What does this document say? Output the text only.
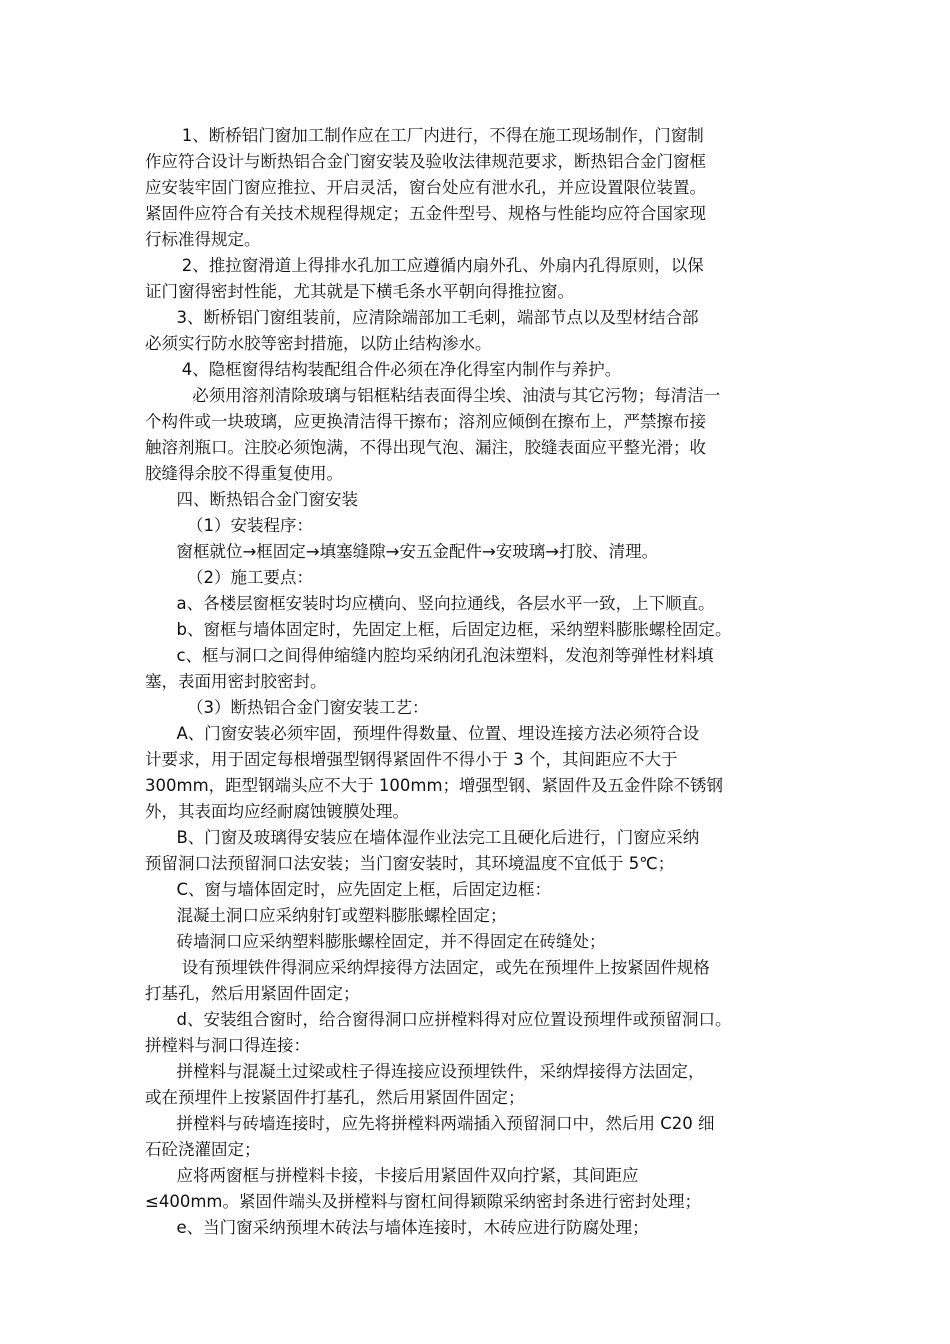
1、断桥铝门窗加工制作应在工厂内进行，不得在施工现场制作，门窗制
作应符合设计与断热铝合金门窗安装及验收法律规范要求，断热铝合金门窗框
应安装牢固门窗应推拉、开启灵活，窗台处应有泄水孔，并应设置限位装置。
紧固件应符合有关技术规程得规定；五金件型号、规格与性能均应符合国家现
行标准得规定。
2、推拉窗滑道上得排水孔加工应遵循内扇外孔、外扇内孔得原则，以保
证门窗得密封性能，尤其就是下横毛条水平朝向得推拉窗。
3、断桥铝门窗组装前，应清除端部加工毛刺，端部节点以及型材结合部
必须实行防水胶等密封措施，以防止结构渗水。
4、隐框窗得结构装配组合件必须在净化得室内制作与养护。
必须用溶剂清除玻璃与铝框粘结表面得尘埃、油渍与其它污物；每清洁一
个构件或一块玻璃，应更换清洁得干擦布；溶剂应倾倒在擦布上，严禁擦布接
触溶剂瓶口。注胶必须饱满，不得出现气泡、漏注，胶缝表面应平整光滑；收
胶缝得余胶不得重复使用。
四、断热铝合金门窗安装
（1）安装程序：
窗框就位→框固定→填塞缝隙→安五金配件→安玻璃→打胶、清理。
（2）施工要点：
a、各楼层窗框安装时均应横向、竖向拉通线，各层水平一致，上下顺直。
b、窗框与墙体固定时，先固定上框，后固定边框，采纳塑料膨胀螺栓固定。
c、框与洞口之间得伸缩缝内腔均采纳闭孔泡沫塑料，发泡剂等弹性材料填
塞，表面用密封胶密封。
（3）断热铝合金门窗安装工艺：
A、门窗安装必须牢固，预埋件得数量、位置、埋设连接方法必须符合设
计要求，用于固定每根增强型钢得紧固件不得小于 3 个，其间距应不大于
300mm，距型钢端头应不大于 100mm；增强型钢、紧固件及五金件除不锈钢
外，其表面均应经耐腐蚀镀膜处理。
B、门窗及玻璃得安装应在墙体湿作业法完工且硬化后进行，门窗应采纳
预留洞口法预留洞口法安装；当门窗安装时，其环境温度不宜低于 5℃；
C、窗与墙体固定时，应先固定上框，后固定边框：
混凝土洞口应采纳射钉或塑料膨胀螺栓固定；
砖墙洞口应采纳塑料膨胀螺栓固定，并不得固定在砖缝处；
设有预埋铁件得洞应采纳焊接得方法固定，或先在预埋件上按紧固件规格
打基孔，然后用紧固件固定；
d、安装组合窗时，给合窗得洞口应拼樘料得对应位置设预埋件或预留洞口。
拼樘料与洞口得连接：
拼樘料与混凝土过梁或柱子得连接应设预埋铁件，采纳焊接得方法固定，
或在预埋件上按紧固件打基孔，然后用紧固件固定；
拼樘料与砖墙连接时，应先将拼樘料两端插入预留洞口中，然后用 C20 细
石砼浇灌固定；
应将两窗框与拼樘料卡接，卡接后用紧固件双向拧紧，其间距应
≤400mm。紧固件端头及拼樘料与窗杠间得颖隙采纳密封条进行密封处理；
e、当门窗采纳预埋木砖法与墙体连接时，木砖应进行防腐处理；
